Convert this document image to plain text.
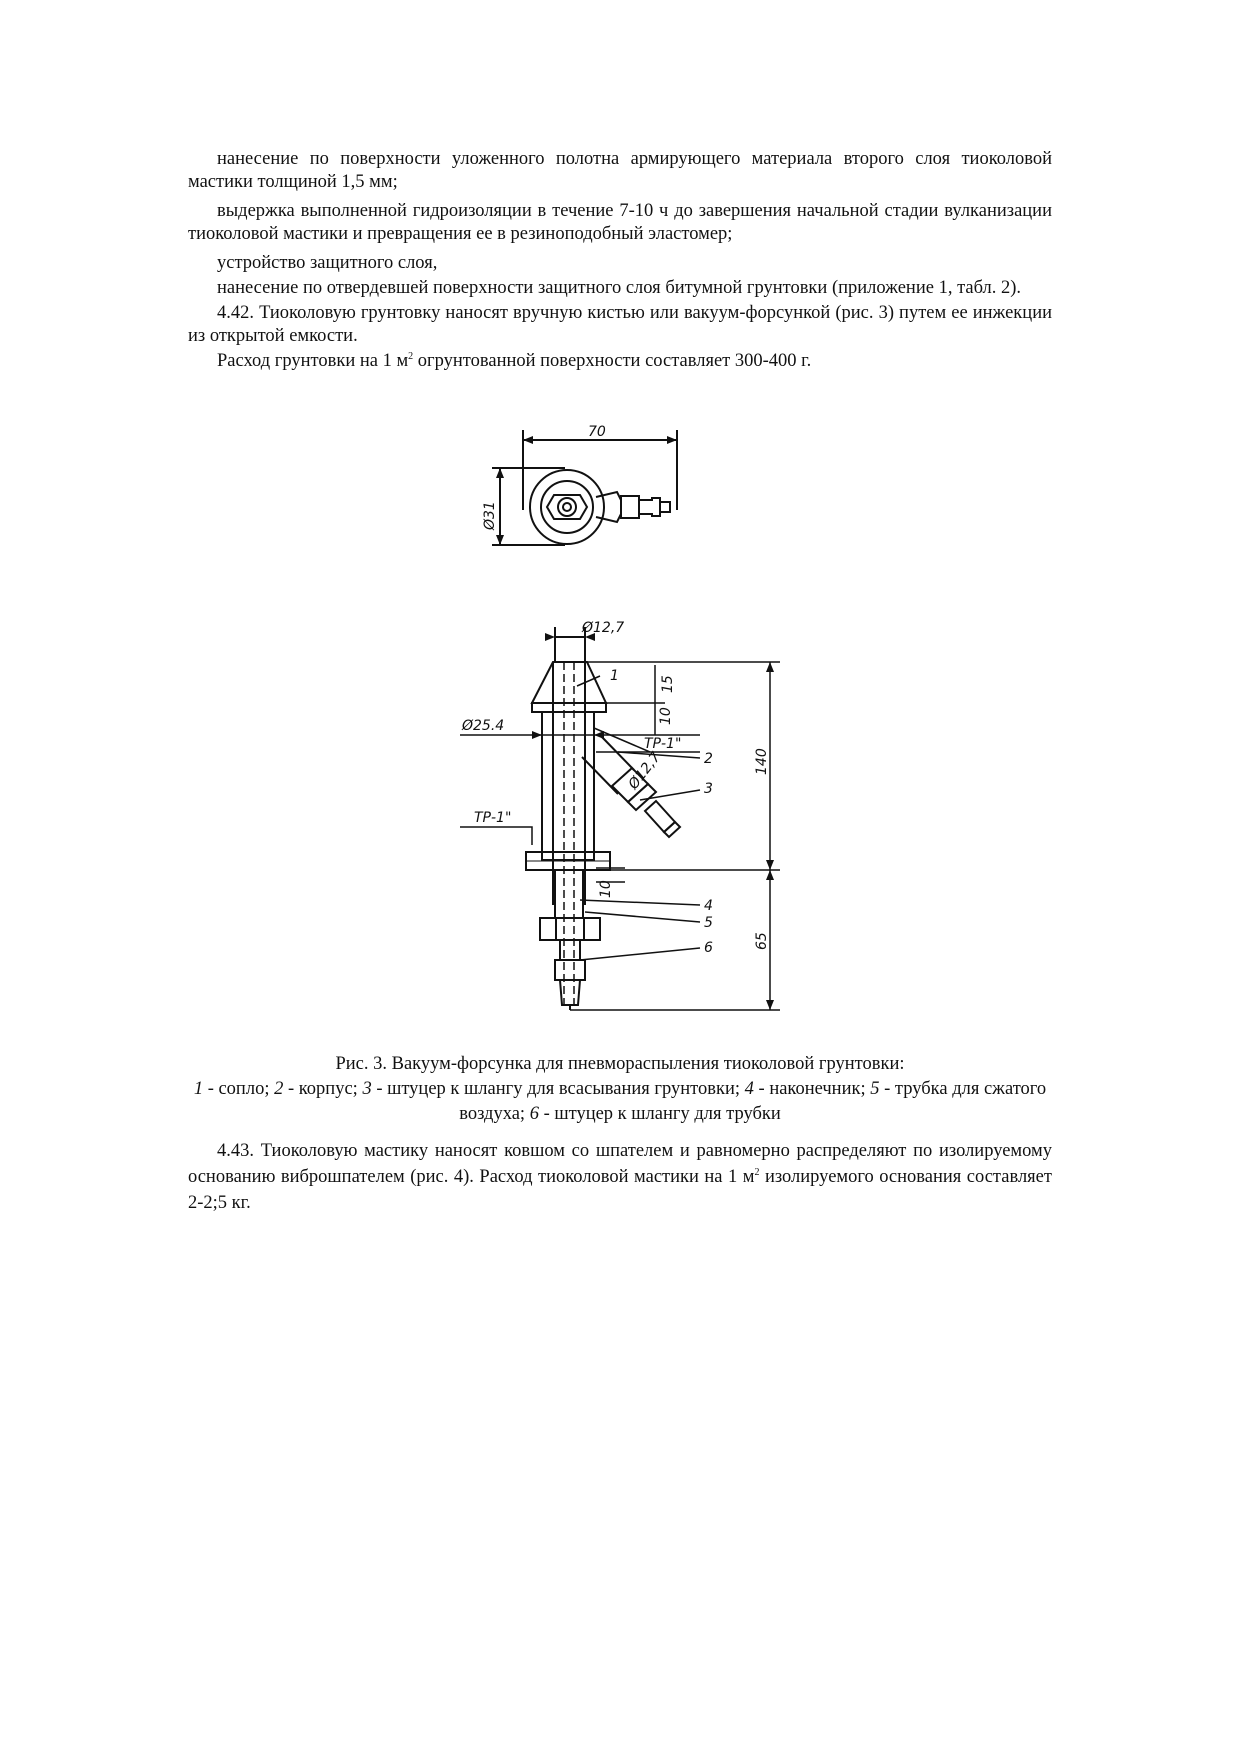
нанесение по поверхности уложенного полотна армирующего материала второго слоя тиоколовой мастики толщиной 1,5 мм;

выдержка выполненной гидроизоляции в течение 7-10 ч до завершения начальной стадии вулканизации тиоколовой мастики и превращения ее в резиноподобный эластомер;

устройство защитного слоя,

нанесение по отвердевшей поверхности защитного слоя битумной грунтовки (приложение 1, табл. 2).

4.42. Тиоколовую грунтовку наносят вручную кистью или вакуум-форсункой (рис. 3) путем ее инжекции из открытой емкости.

Расход грунтовки на 1 $м^2$ огрунтованной поверхности составляет 300-400 г.

70
Ø31
Ø12,7
Ø25.4
ТР-1"
ТР-1"
Ø12,7
15
10
10
140
65
1
2
3
4
5
6
Рис. 3. Вакуум-форсунка для пневмораспыления тиоколовой грунтовки:
1 - сопло; 2 - корпус; 3 - штуцер к шлангу для всасывания грунтовки; 4 - наконечник; 5 - трубка для сжатого воздуха; 6 - штуцер к шлангу для трубки

4.43. Тиоколовую мастику наносят ковшом со шпателем и равномерно распределяют по изолируемому основанию виброшпателем (рис. 4). Расход тиоколовой мастики на 1 $м^2$ изолируемого основания составляет 2-2;5 кг.
